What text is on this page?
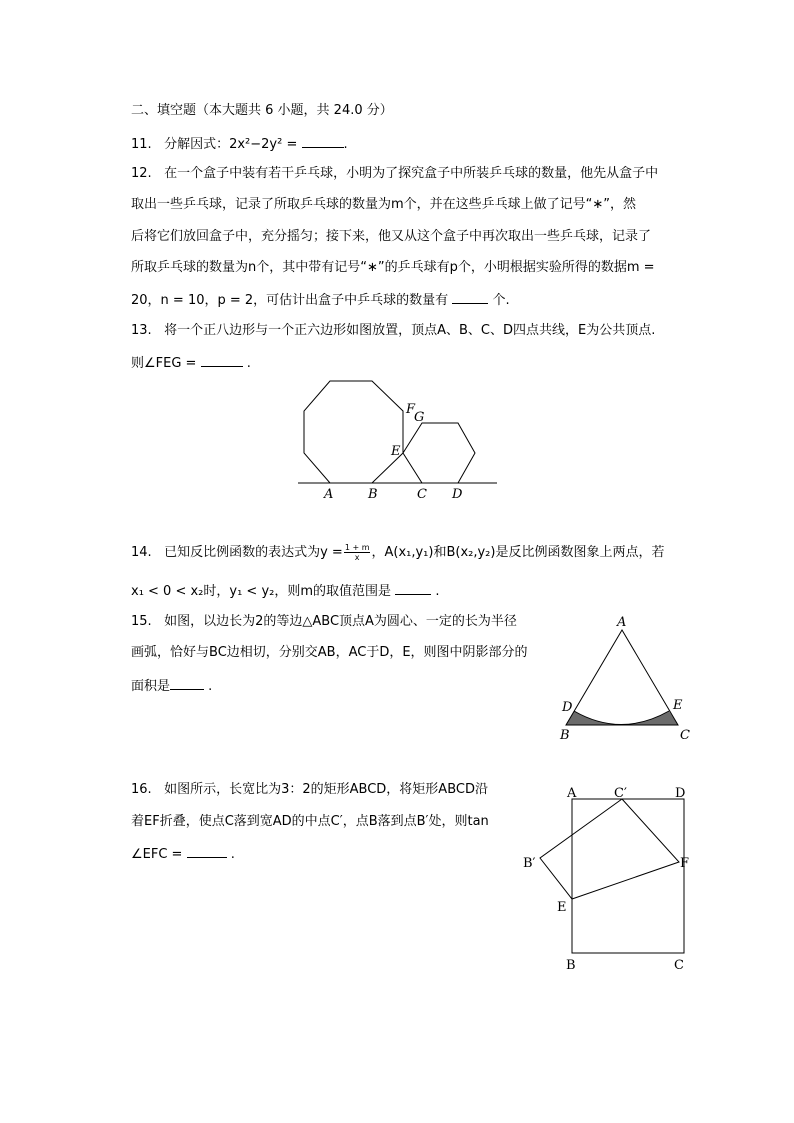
二、填空题（本大题共 6 小题，共 24.0 分）
11. 分解因式：2x²−2y² =	.
12. 在一个盒子中装有若干乒乓球，小明为了探究盒子中所装乒乓球的数量，他先从盒子中
取出一些乒乓球，记录了所取乒乓球的数量为m个，并在这些乒乓球上做了记号“∗”，然
后将它们放回盒子中，充分摇匀；接下来，他又从这个盒子中再次取出一些乒乓球，记录了
所取乒乓球的数量为n个，其中带有记号“∗”的乒乓球有p个，小明根据实验所得的数据m =
20，n = 10，p = 2，可估计出盒子中乒乓球的数量有	个.
13. 将一个正八边形与一个正六边形如图放置，顶点A、B、C、D四点共线，E为公共顶点.
则∠FEG =	.
A	B	C D
E
F
G
A
B	C
D	E
A	C′	D
B′	F
E
B	C
14. 已知反比例函数的表达式为$y = \frac{1 + m}{x}$ ，A(x₁,y₁)和B(x₂,y₂)是反比例函数图象上两点，若
x₁ < 0 < x₂时，y₁ < y₂，则m的取值范围是	.
15. 如图，以边长为2的等边△ABC顶点A为圆心、一定的长为半径
画弧，恰好与BC边相切，分别交AB，AC于D，E，则图中阴影部分的
面积是	.
16. 如图所示，长宽比为3：2的矩形ABCD，将矩形ABCD沿
着EF折叠，使点C落到宽AD的中点C′，点B落到点B′处，则tan
∠EFC =	.
